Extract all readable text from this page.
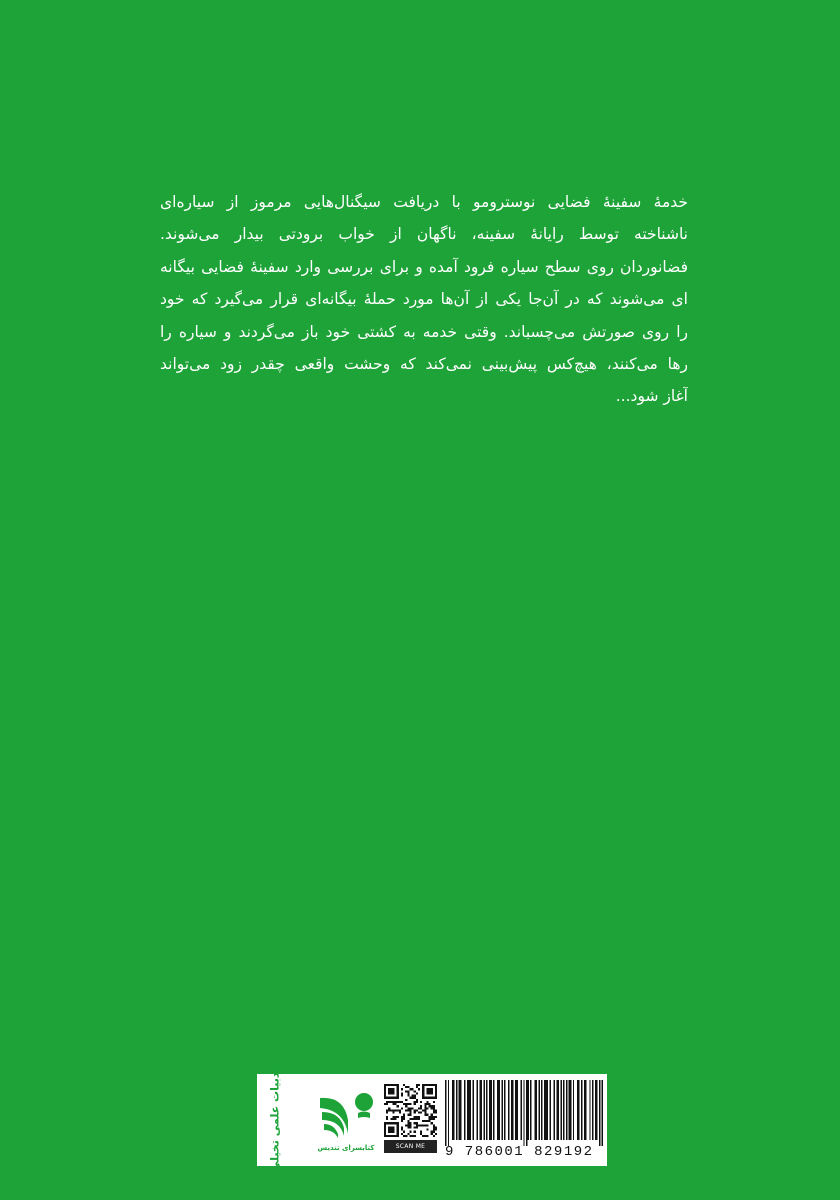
خدمهٔ سفینهٔ فضایی نوسترومو با دریافت سیگنال‌هایی مرموز از سیاره‌ای
ناشناخته توسط رایانهٔ سفینه، ناگهان از خواب برودتی بیدار می‌شوند.
فضانوردان روی سطح سیاره فرود آمده و برای بررسی وارد سفینهٔ فضایی بیگانه
ای می‌شوند که در آن‌جا یکی از آن‌ها مورد حملهٔ بیگانه‌ای قرار می‌گیرد که خود
را روی صورتش می‌چسباند. وقتی خدمه به کشتی خود باز می‌گردند و سیاره را
رها می‌کنند، هیچ‌کس پیش‌بینی نمی‌کند که وحشت واقعی چقدر زود می‌تواند
آغاز شود...
ادبیات علمی تخیلی	کتابسرای تندیس	SCAN ME	9 786001 829192
